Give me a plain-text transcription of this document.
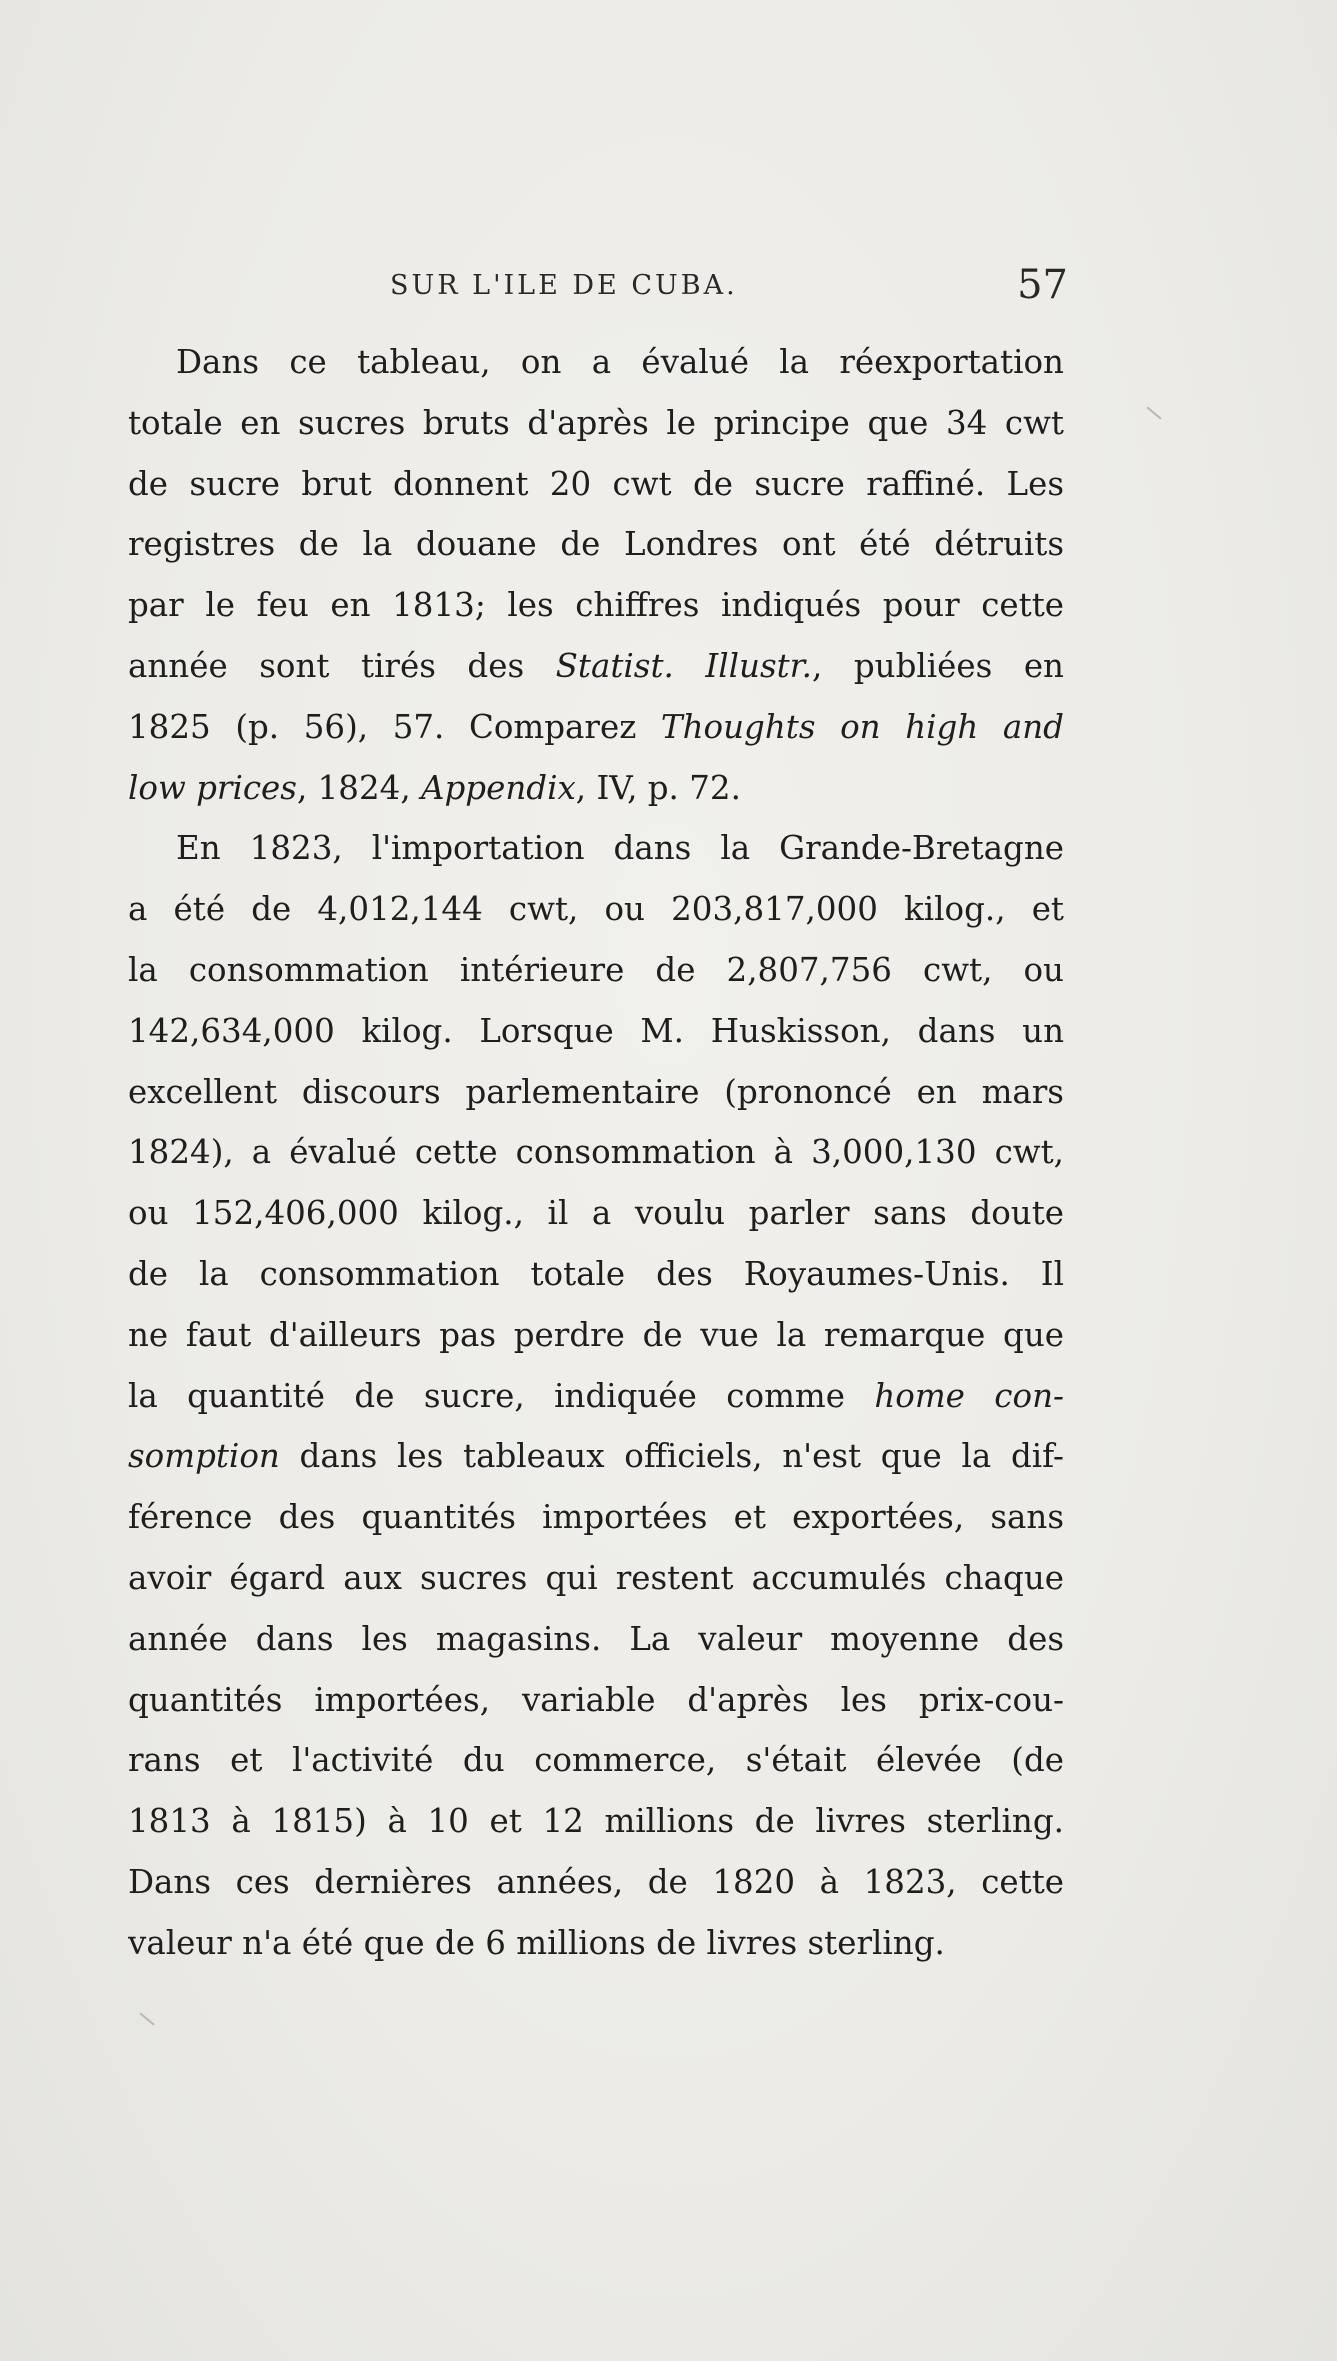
SUR L'ILE DE CUBA.	57
Dans ce tableau, on a évalué la réexportation
totale en sucres bruts d'après le principe que 34 cwt
de sucre brut donnent 20 cwt de sucre raffiné. Les
registres de la douane de Londres ont été détruits
par le feu en 1813; les chiffres indiqués pour cette
année sont tirés des Statist. Illustr., publiées en
1825 (p. 56), 57. Comparez Thoughts on high and
low prices, 1824, Appendix, IV, p. 72.
En 1823, l'importation dans la Grande-Bretagne
a été de 4,012,144 cwt, ou 203,817,000 kilog., et
la consommation intérieure de 2,807,756 cwt, ou
142,634,000 kilog. Lorsque M. Huskisson, dans un
excellent discours parlementaire (prononcé en mars
1824), a évalué cette consommation à 3,000,130 cwt,
ou 152,406,000 kilog., il a voulu parler sans doute
de la consommation totale des Royaumes-Unis. Il
ne faut d'ailleurs pas perdre de vue la remarque que
la quantité de sucre, indiquée comme home con-
somption dans les tableaux officiels, n'est que la dif-
férence des quantités importées et exportées, sans
avoir égard aux sucres qui restent accumulés chaque
année dans les magasins. La valeur moyenne des
quantités importées, variable d'après les prix-cou-
rans et l'activité du commerce, s'était élevée (de
1813 à 1815) à 10 et 12 millions de livres sterling.
Dans ces dernières années, de 1820 à 1823, cette
valeur n'a été que de 6 millions de livres sterling.
